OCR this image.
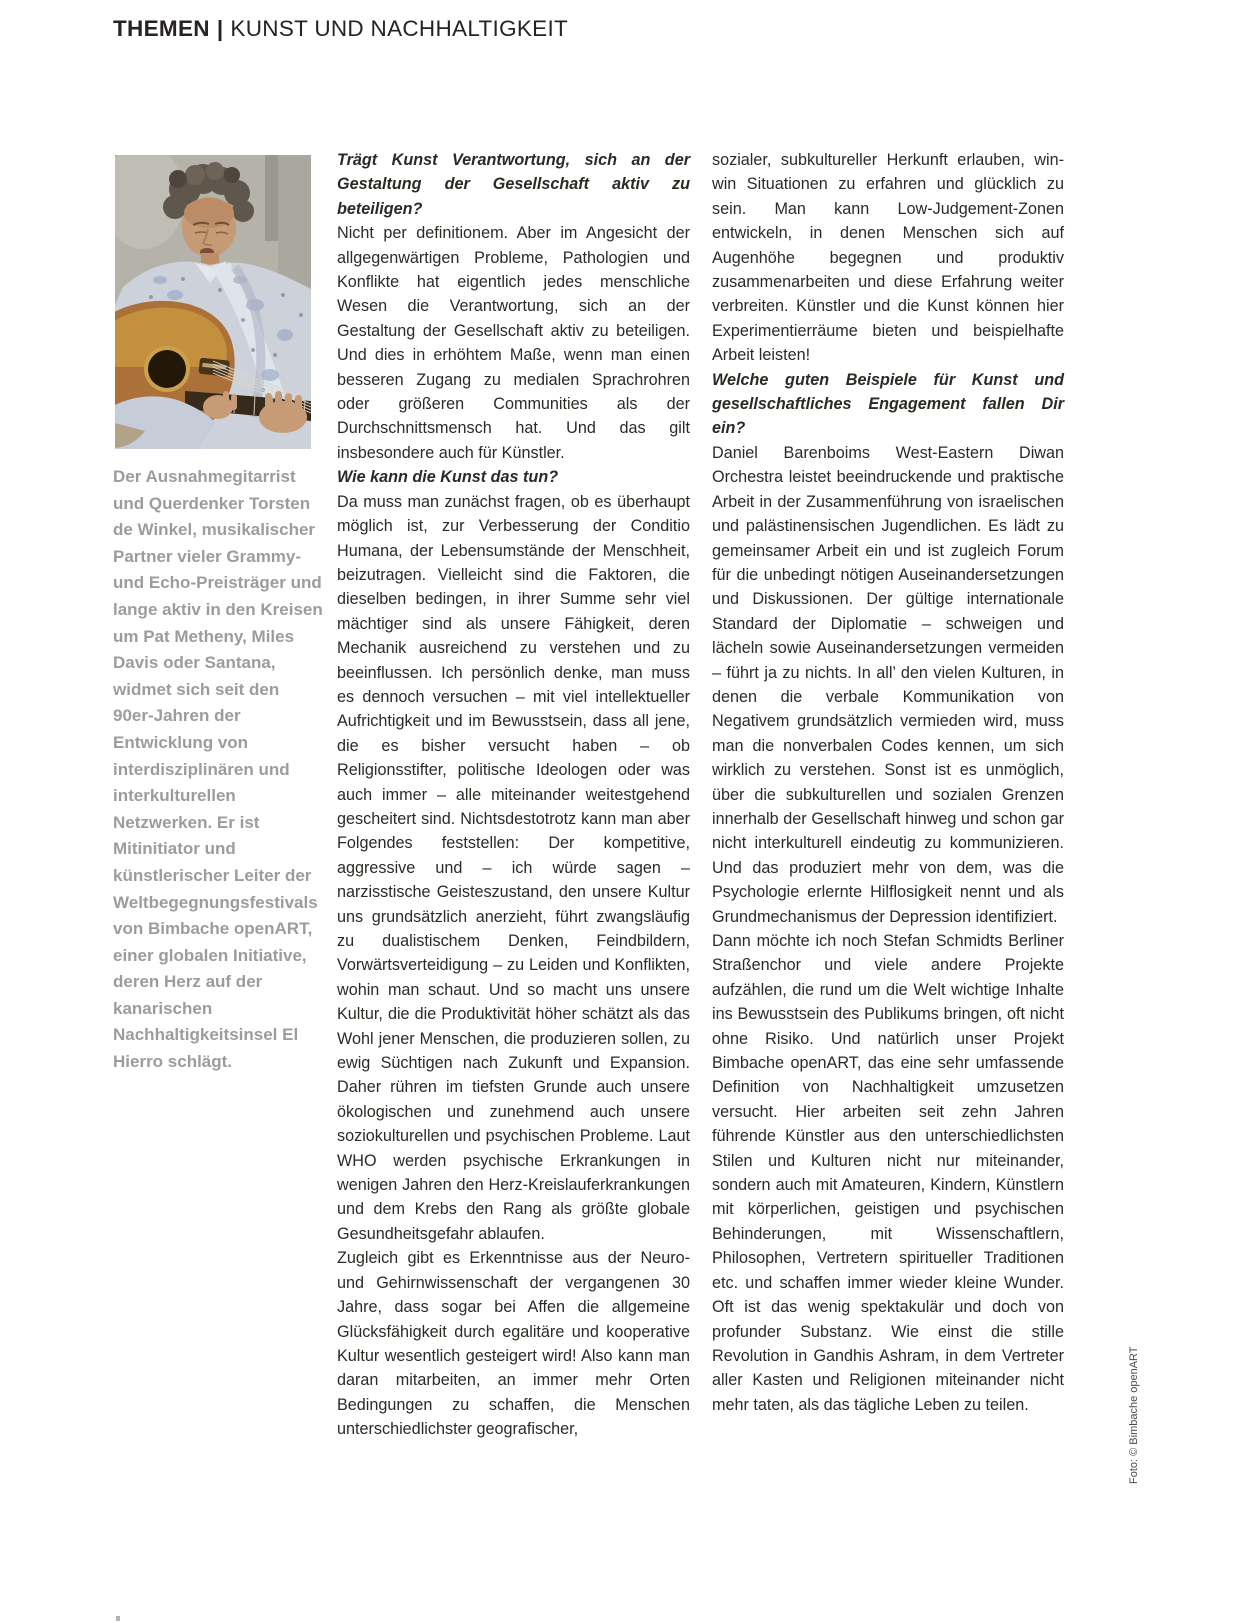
THEMEN | KUNST UND NACHHALTIGKEIT
Der Ausnahmegitarrist und Querdenker Torsten de Winkel, musikalischer Partner vieler Grammy- und Echo-Preisträger und lange aktiv in den Kreisen um Pat Metheny, Miles Davis oder Santana, widmet sich seit den 90er-Jahren der Entwicklung von interdisziplinären und interkulturellen Netzwerken. Er ist Mitinitiator und künstlerischer Leiter der Weltbegegnungsfestivals von Bimbache openART, einer globalen Initiative, deren Herz auf der kanarischen Nachhaltigkeitsinsel El Hierro schlägt.

Trägt Kunst Verantwortung, sich an der Gestaltung der Gesellschaft aktiv zu beteiligen?

Nicht per definitionem. Aber im Angesicht der allgegenwärtigen Probleme, Pathologien und Konflikte hat eigentlich jedes menschliche Wesen die Verantwortung, sich an der Gestaltung der Gesellschaft aktiv zu beteiligen. Und dies in erhöhtem Maße, wenn man einen besseren Zugang zu medialen Sprachrohren oder größeren Communities als der Durchschnittsmensch hat. Und das gilt insbesondere auch für Künstler.

Wie kann die Kunst das tun?

Da muss man zunächst fragen, ob es überhaupt möglich ist, zur Verbesserung der Conditio Humana, der Lebensumstände der Menschheit, beizutragen. Vielleicht sind die Faktoren, die dieselben bedingen, in ihrer Summe sehr viel mächtiger sind als unsere Fähigkeit, deren Mechanik ausreichend zu verstehen und zu beeinflussen. Ich persönlich denke, man muss es dennoch versuchen – mit viel intellektueller Aufrichtigkeit und im Bewusstsein, dass all jene, die es bisher versucht haben – ob Religionsstifter, politische Ideologen oder was auch immer – alle miteinander weitestgehend gescheitert sind. Nichtsdestotrotz kann man aber Folgendes feststellen: Der kompetitive, aggressive und – ich würde sagen – narzisstische Geisteszustand, den unsere Kultur uns grundsätzlich anerzieht, führt zwangsläufig zu dualistischem Denken, Feindbildern, Vorwärtsverteidigung – zu Leiden und Konflikten, wohin man schaut. Und so macht uns unsere Kultur, die die Produktivität höher schätzt als das Wohl jener Menschen, die produzieren sollen, zu ewig Süchtigen nach Zukunft und Expansion. Daher rühren im tiefsten Grunde auch unsere ökologischen und zunehmend auch unsere soziokulturellen und psychischen Probleme. Laut WHO werden psychische Erkrankungen in wenigen Jahren den Herz-Kreislauferkrankungen und dem Krebs den Rang als größte globale Gesundheitsgefahr ablaufen.

Zugleich gibt es Erkenntnisse aus der Neuro- und Gehirnwissenschaft der vergangenen 30 Jahre, dass sogar bei Affen die allgemeine Glücksfähigkeit durch egalitäre und kooperative Kultur wesentlich gesteigert wird! Also kann man daran mitarbeiten, an immer mehr Orten Bedingungen zu schaffen, die Menschen unterschiedlichster geografischer,

sozialer, subkultureller Herkunft erlauben, win-win Situationen zu erfahren und glücklich zu sein. Man kann Low-Judgement-Zonen entwickeln, in denen Menschen sich auf Augenhöhe begegnen und produktiv zusammenarbeiten und diese Erfahrung weiter verbreiten. Künstler und die Kunst können hier Experimentierräume bieten und beispielhafte Arbeit leisten!

Welche guten Beispiele für Kunst und gesellschaftliches Engagement fallen Dir ein?

Daniel Barenboims West-Eastern Diwan Orchestra leistet beeindruckende und praktische Arbeit in der Zusammenführung von israelischen und palästinensischen Jugendlichen. Es lädt zu gemeinsamer Arbeit ein und ist zugleich Forum für die unbedingt nötigen Auseinandersetzungen und Diskussionen. Der gültige internationale Standard der Diplomatie – schweigen und lächeln sowie Auseinandersetzungen vermeiden – führt ja zu nichts. In all’ den vielen Kulturen, in denen die verbale Kommunikation von Negativem grundsätzlich vermieden wird, muss man die nonverbalen Codes kennen, um sich wirklich zu verstehen. Sonst ist es unmöglich, über die subkulturellen und sozialen Grenzen innerhalb der Gesellschaft hinweg und schon gar nicht interkulturell eindeutig zu kommunizieren. Und das produziert mehr von dem, was die Psychologie erlernte Hilflosigkeit nennt und als Grundmechanismus der Depression identifiziert.

Dann möchte ich noch Stefan Schmidts Berliner Straßenchor und viele andere Projekte aufzählen, die rund um die Welt wichtige Inhalte ins Bewusstsein des Publikums bringen, oft nicht ohne Risiko. Und natürlich unser Projekt Bimbache openART, das eine sehr umfassende Definition von Nachhaltigkeit umzusetzen versucht. Hier arbeiten seit zehn Jahren führende Künstler aus den unterschiedlichsten Stilen und Kulturen nicht nur miteinander, sondern auch mit Amateuren, Kindern, Künstlern mit körperlichen, geistigen und psychischen Behinderungen, mit Wissenschaftlern, Philosophen, Vertretern spiritueller Traditionen etc. und schaffen immer wieder kleine Wunder. Oft ist das wenig spektakulär und doch von profunder Substanz. Wie einst die stille Revolution in Gandhis Ashram, in dem Vertreter aller Kasten und Religionen miteinander nicht mehr taten, als das tägliche Leben zu teilen.	Foto: © Bimbache openART
